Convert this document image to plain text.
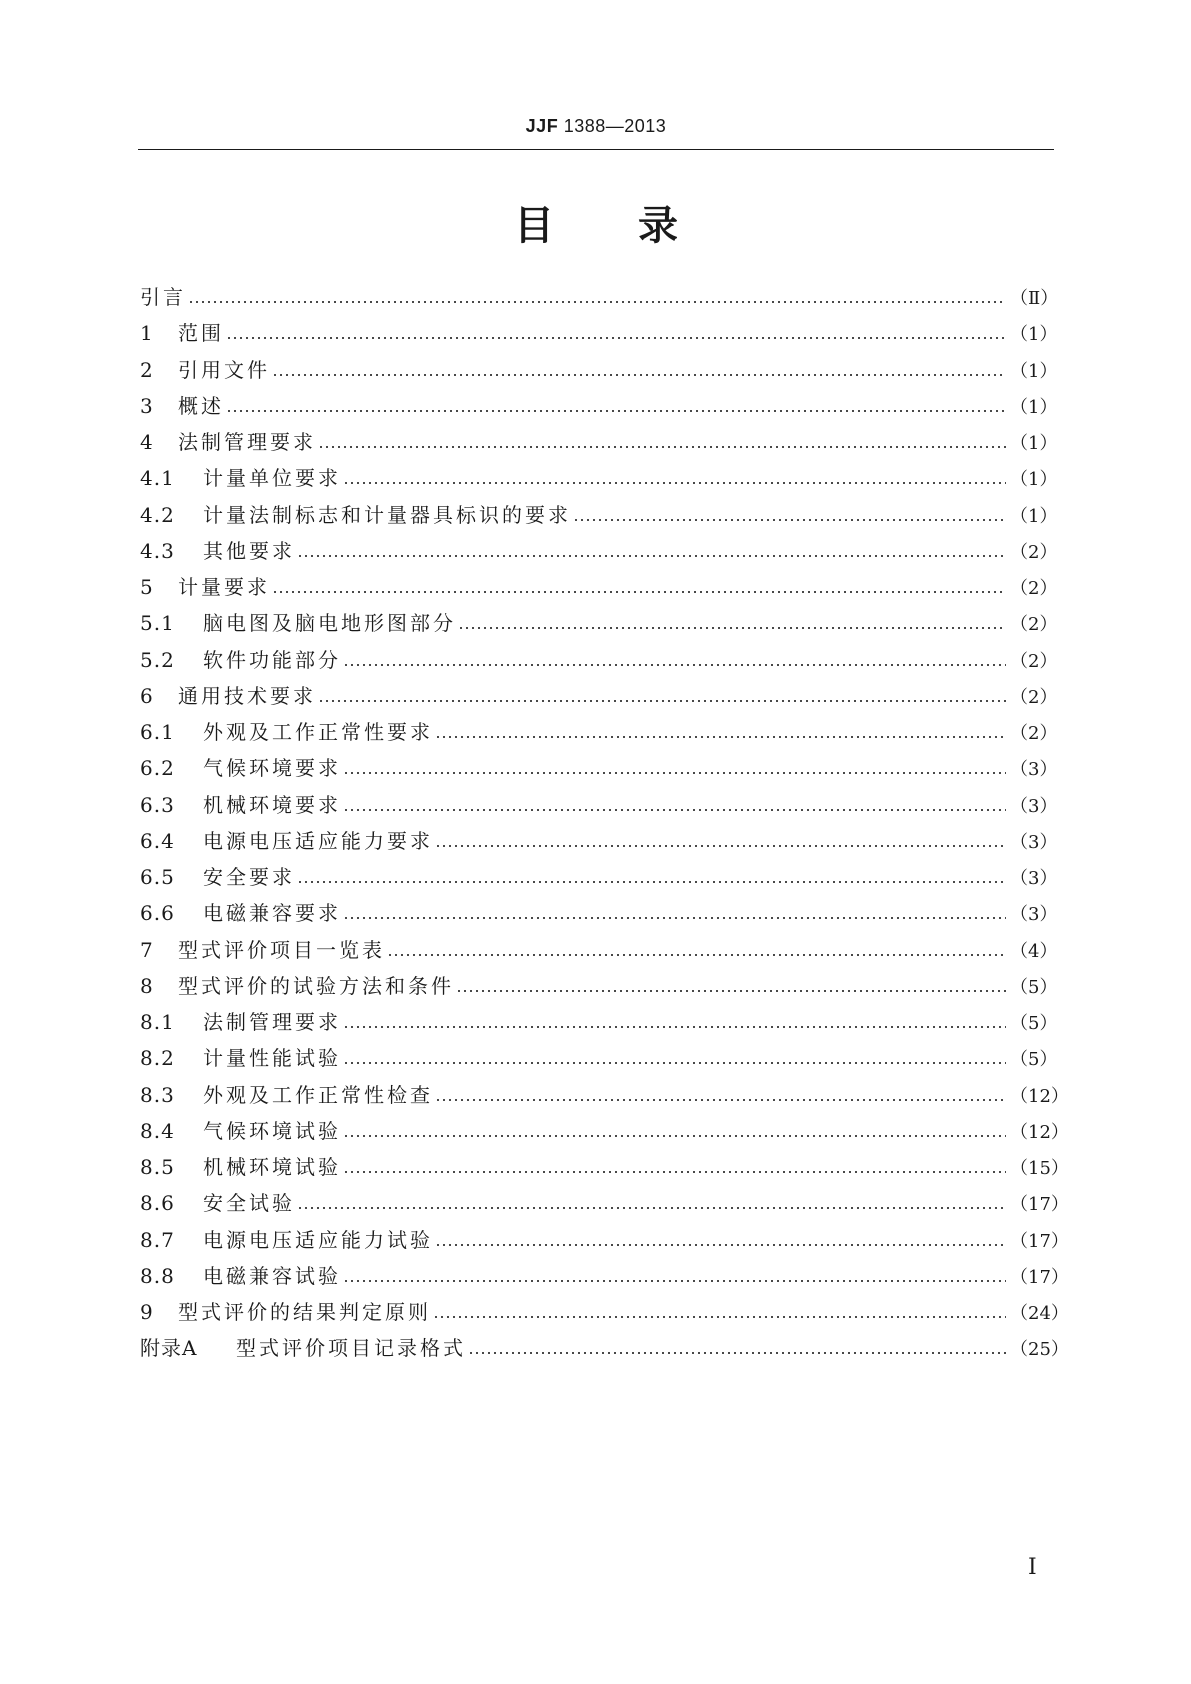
JJF 1388—2013
目 录
引言	（Ⅱ）
1	范围	（1）
2	引用文件	（1）
3	概述	（1）
4	法制管理要求	（1）
4.1	计量单位要求	（1）
4.2	计量法制标志和计量器具标识的要求	（1）
4.3	其他要求	（2）
5	计量要求	（2）
5.1	脑电图及脑电地形图部分	（2）
5.2	软件功能部分	（2）
6	通用技术要求	（2）
6.1	外观及工作正常性要求	（2）
6.2	气候环境要求	（3）
6.3	机械环境要求	（3）
6.4	电源电压适应能力要求	（3）
6.5	安全要求	（3）
6.6	电磁兼容要求	（3）
7	型式评价项目一览表	（4）
8	型式评价的试验方法和条件	（5）
8.1	法制管理要求	（5）
8.2	计量性能试验	（5）
8.3	外观及工作正常性检查	（12）
8.4	气候环境试验	（12）
8.5	机械环境试验	（15）
8.6	安全试验	（17）
8.7	电源电压适应能力试验	（17）
8.8	电磁兼容试验	（17）
9	型式评价的结果判定原则	（24）
附录A	型式评价项目记录格式	（25）
Ⅰ
